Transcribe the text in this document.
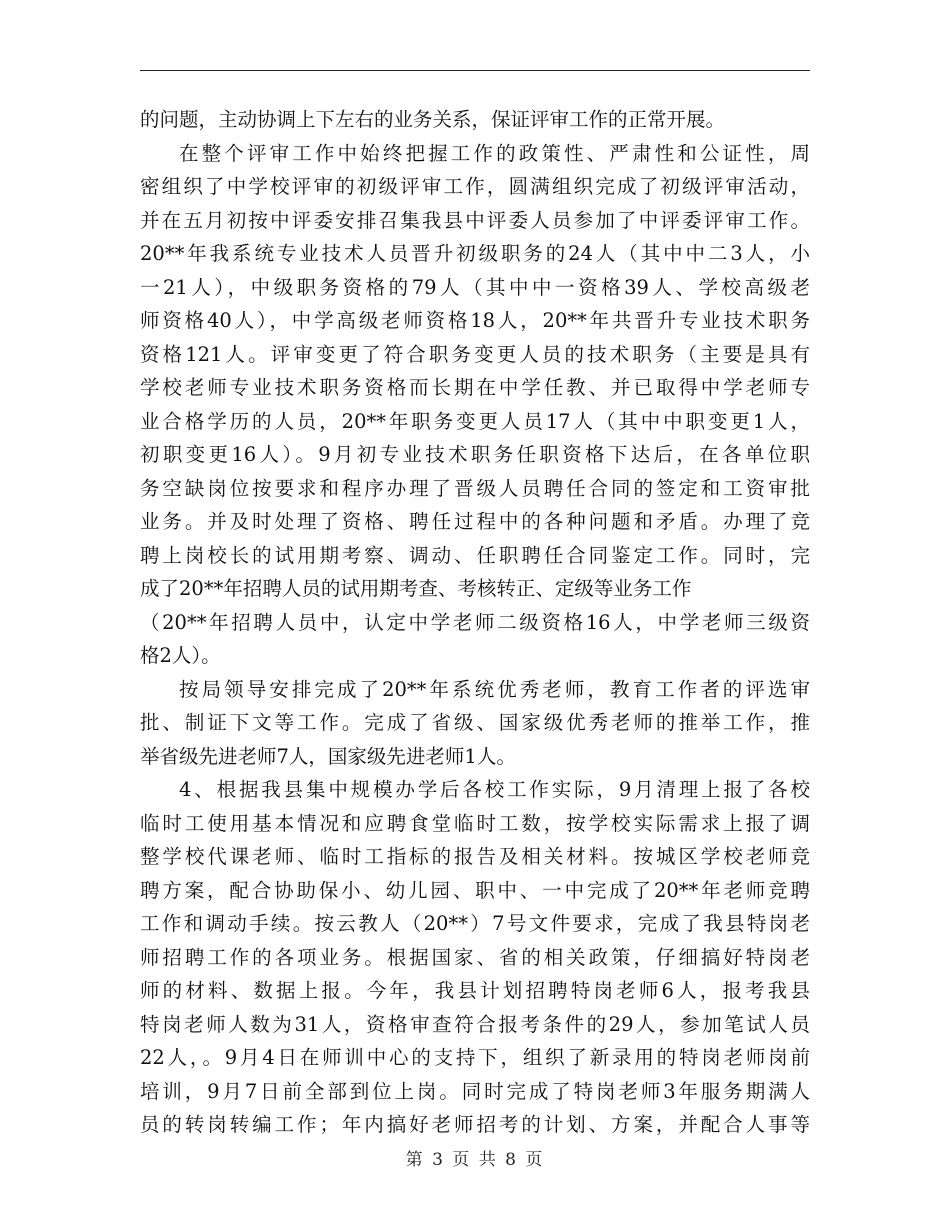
的问题，主动协调上下左右的业务关系，保证评审工作的正常开展。
在整个评审工作中始终把握工作的政策性、严肃性和公证性，周
密组织了中学校评审的初级评审工作，圆满组织完成了初级评审活动，
并在五月初按中评委安排召集我县中评委人员参加了中评委评审工作。
20**年我系统专业技术人员晋升初级职务的24人（其中中二3人，小
一21人），中级职务资格的79人（其中中一资格39人、学校高级老
师资格40人），中学高级老师资格18人，20**年共晋升专业技术职务
资格121人。评审变更了符合职务变更人员的技术职务（主要是具有
学校老师专业技术职务资格而长期在中学任教、并已取得中学老师专
业合格学历的人员，20**年职务变更人员17人（其中中职变更1人，
初职变更16人）。9月初专业技术职务任职资格下达后，在各单位职
务空缺岗位按要求和程序办理了晋级人员聘任合同的签定和工资审批
业务。并及时处理了资格、聘任过程中的各种问题和矛盾。办理了竞
聘上岗校长的试用期考察、调动、任职聘任合同鉴定工作。同时，完
成了20**年招聘人员的试用期考查、考核转正、定级等业务工作
（20**年招聘人员中，认定中学老师二级资格16人，中学老师三级资
格2人）。
按局领导安排完成了20**年系统优秀老师，教育工作者的评选审
批、制证下文等工作。完成了省级、国家级优秀老师的推举工作，推
举省级先进老师7人，国家级先进老师1人。
4、根据我县集中规模办学后各校工作实际，9月清理上报了各校
临时工使用基本情况和应聘食堂临时工数，按学校实际需求上报了调
整学校代课老师、临时工指标的报告及相关材料。按城区学校老师竞
聘方案，配合协助保小、幼儿园、职中、一中完成了20**年老师竞聘
工作和调动手续。按云教人（20**）7号文件要求，完成了我县特岗老
师招聘工作的各项业务。根据国家、省的相关政策，仔细搞好特岗老
师的材料、数据上报。今年，我县计划招聘特岗老师6人，报考我县
特岗老师人数为31人，资格审查符合报考条件的29人，参加笔试人员
22人，。9月4日在师训中心的支持下，组织了新录用的特岗老师岗前
培训，9月7日前全部到位上岗。同时完成了特岗老师3年服务期满人
员的转岗转编工作；年内搞好老师招考的计划、方案，并配合人事等
第 3 页 共 8 页
